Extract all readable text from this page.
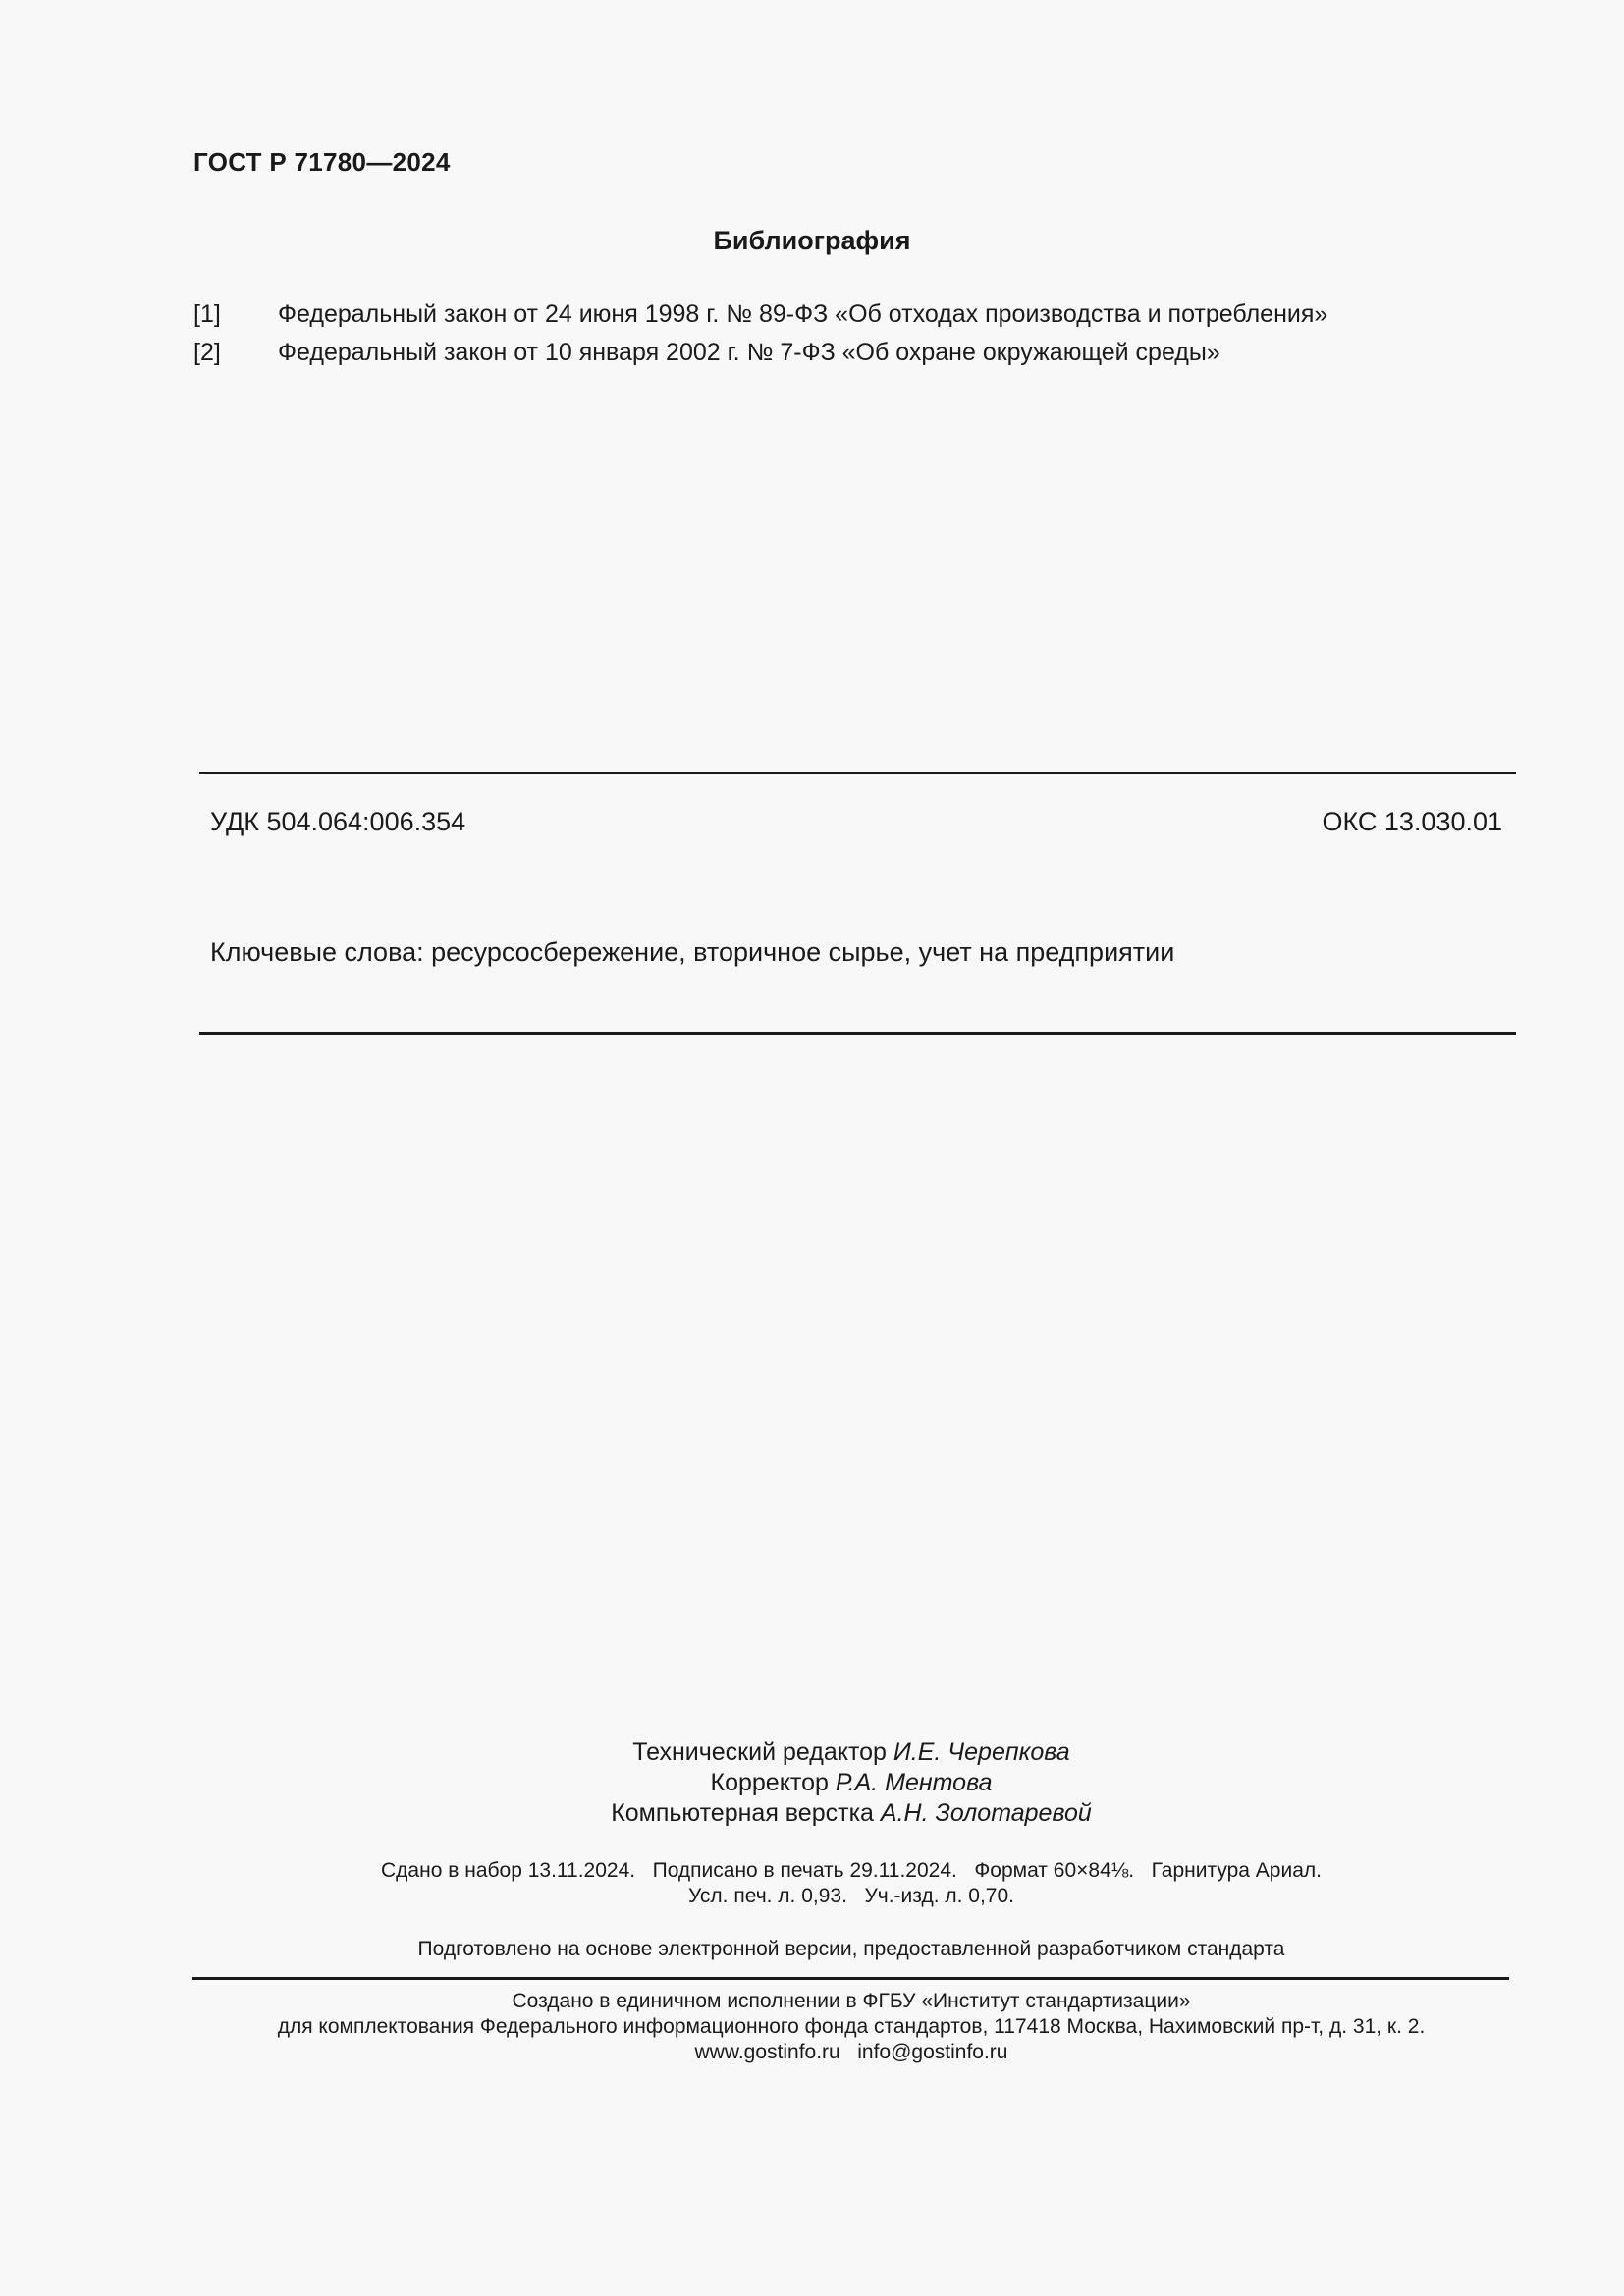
ГОСТ Р 71780—2024
Библиография
[1] Федеральный закон от 24 июня 1998 г. № 89-ФЗ «Об отходах производства и потребления»
[2] Федеральный закон от 10 января 2002 г. № 7-ФЗ «Об охране окружающей среды»
УДК 504.064:006.354	ОКС 13.030.01
Ключевые слова: ресурсосбережение, вторичное сырье, учет на предприятии
Технический редактор И.Е. Черепкова
Корректор Р.А. Ментова
Компьютерная верстка А.Н. Золотаревой
Сдано в набор 13.11.2024.   Подписано в печать 29.11.2024.   Формат 60×84⅛.   Гарнитура Ариал.
Усл. печ. л. 0,93.   Уч.-изд. л. 0,70.
Подготовлено на основе электронной версии, предоставленной разработчиком стандарта
Создано в единичном исполнении в ФГБУ «Институт стандартизации»
для комплектования Федерального информационного фонда стандартов, 117418 Москва, Нахимовский пр-т, д. 31, к. 2.
www.gostinfo.ru info@gostinfo.ru
